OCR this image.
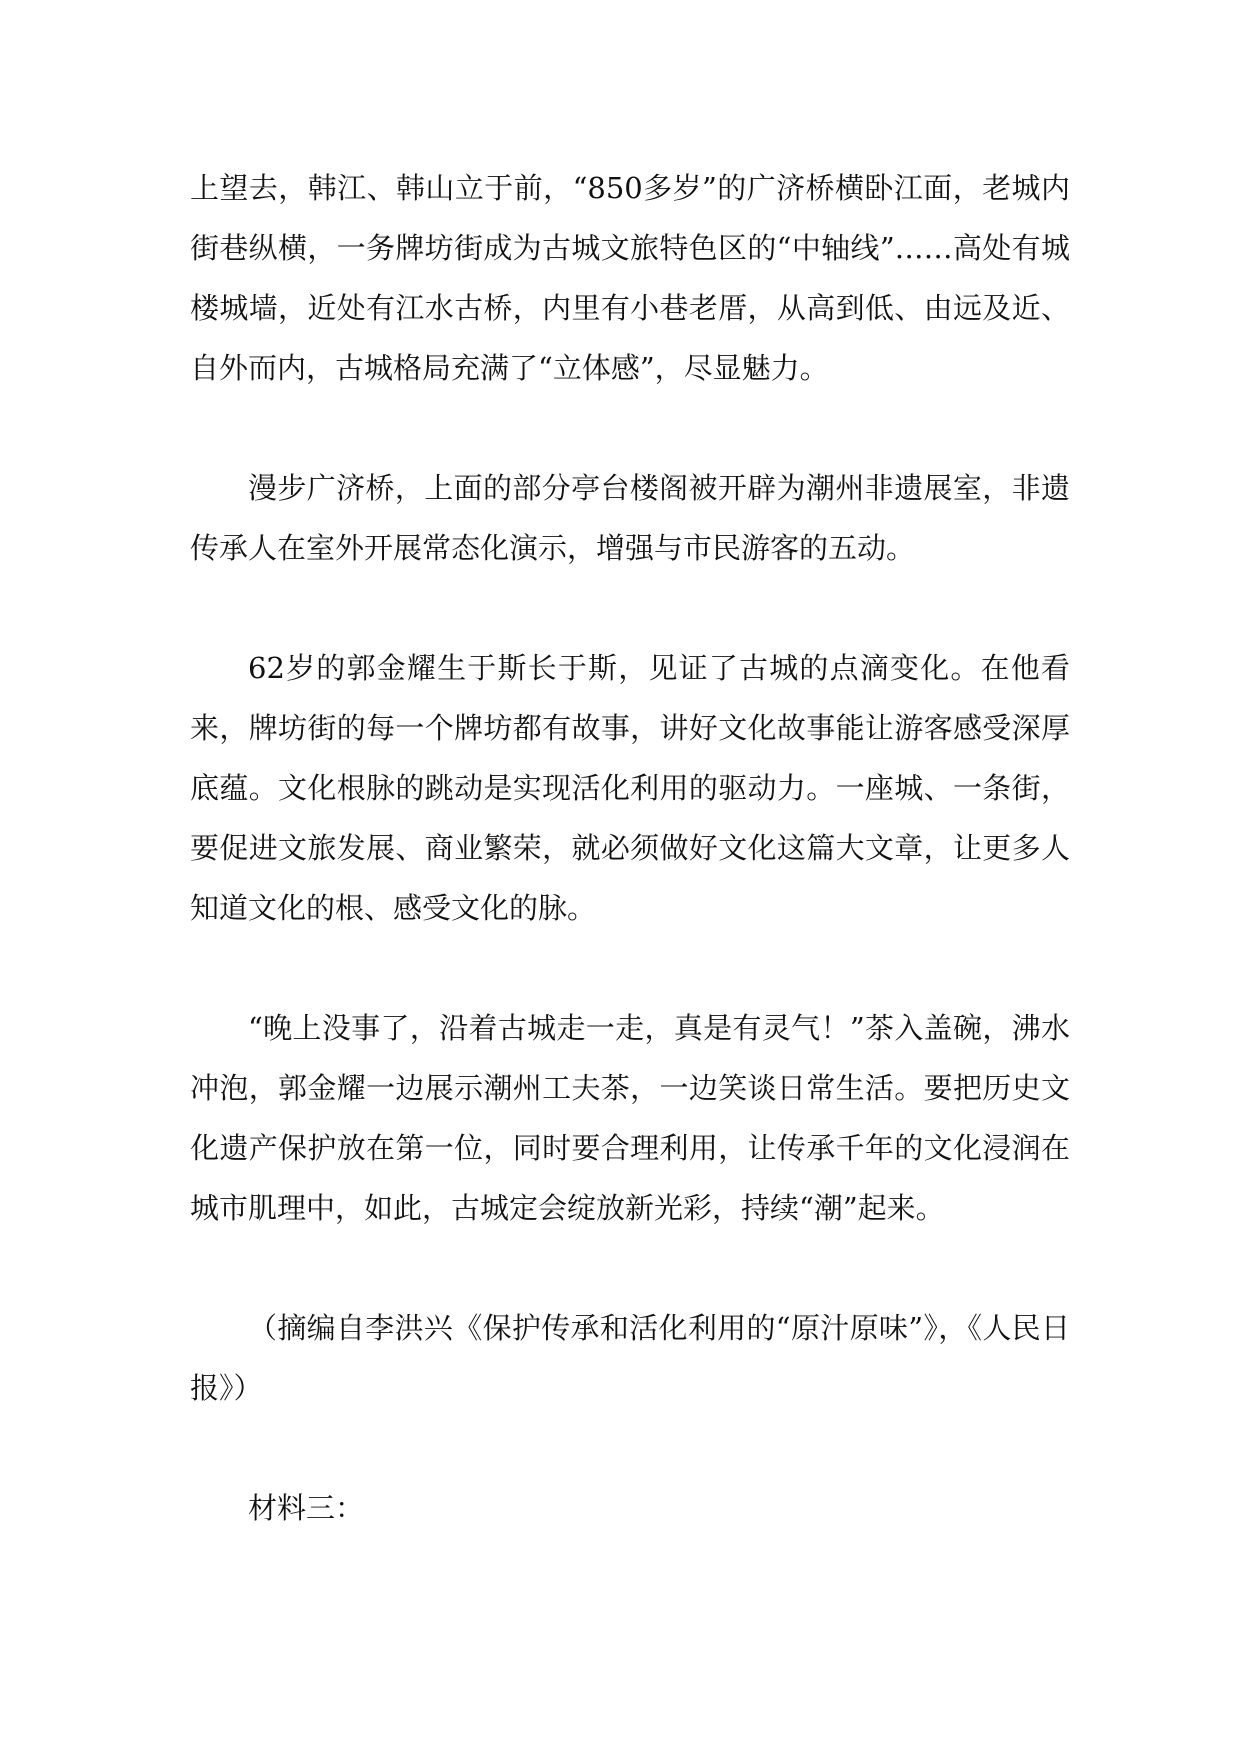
上望去，韩江、韩山立于前，“850多岁”的广济桥横卧江面，老城内街巷纵横，一务牌坊街成为古城文旅特色区的“中轴线”……高处有城楼城墙，近处有江水古桥，内里有小巷老厝，从高到低、由远及近、自外而内，古城格局充满了“立体感”，尽显魅力。

漫步广济桥，上面的部分亭台楼阁被开辟为潮州非遗展室，非遗传承人在室外开展常态化演示，增强与市民游客的五动。

62岁的郭金耀生于斯长于斯，见证了古城的点滴变化。在他看来，牌坊街的每一个牌坊都有故事，讲好文化故事能让游客感受深厚底蕴。文化根脉的跳动是实现活化利用的驱动力。一座城、一条街，要促进文旅发展、商业繁荣，就必须做好文化这篇大文章，让更多人知道文化的根、感受文化的脉。

“晚上没事了，沿着古城走一走，真是有灵气！”茶入盖碗，沸水冲泡，郭金耀一边展示潮州工夫茶，一边笑谈日常生活。要把历史文化遗产保护放在第一位，同时要合理利用，让传承千年的文化浸润在城市肌理中，如此，古城定会绽放新光彩，持续“潮”起来。

（摘编自李洪兴《保护传承和活化利用的“原汁原味”》，《人民日报》）

材料三：
